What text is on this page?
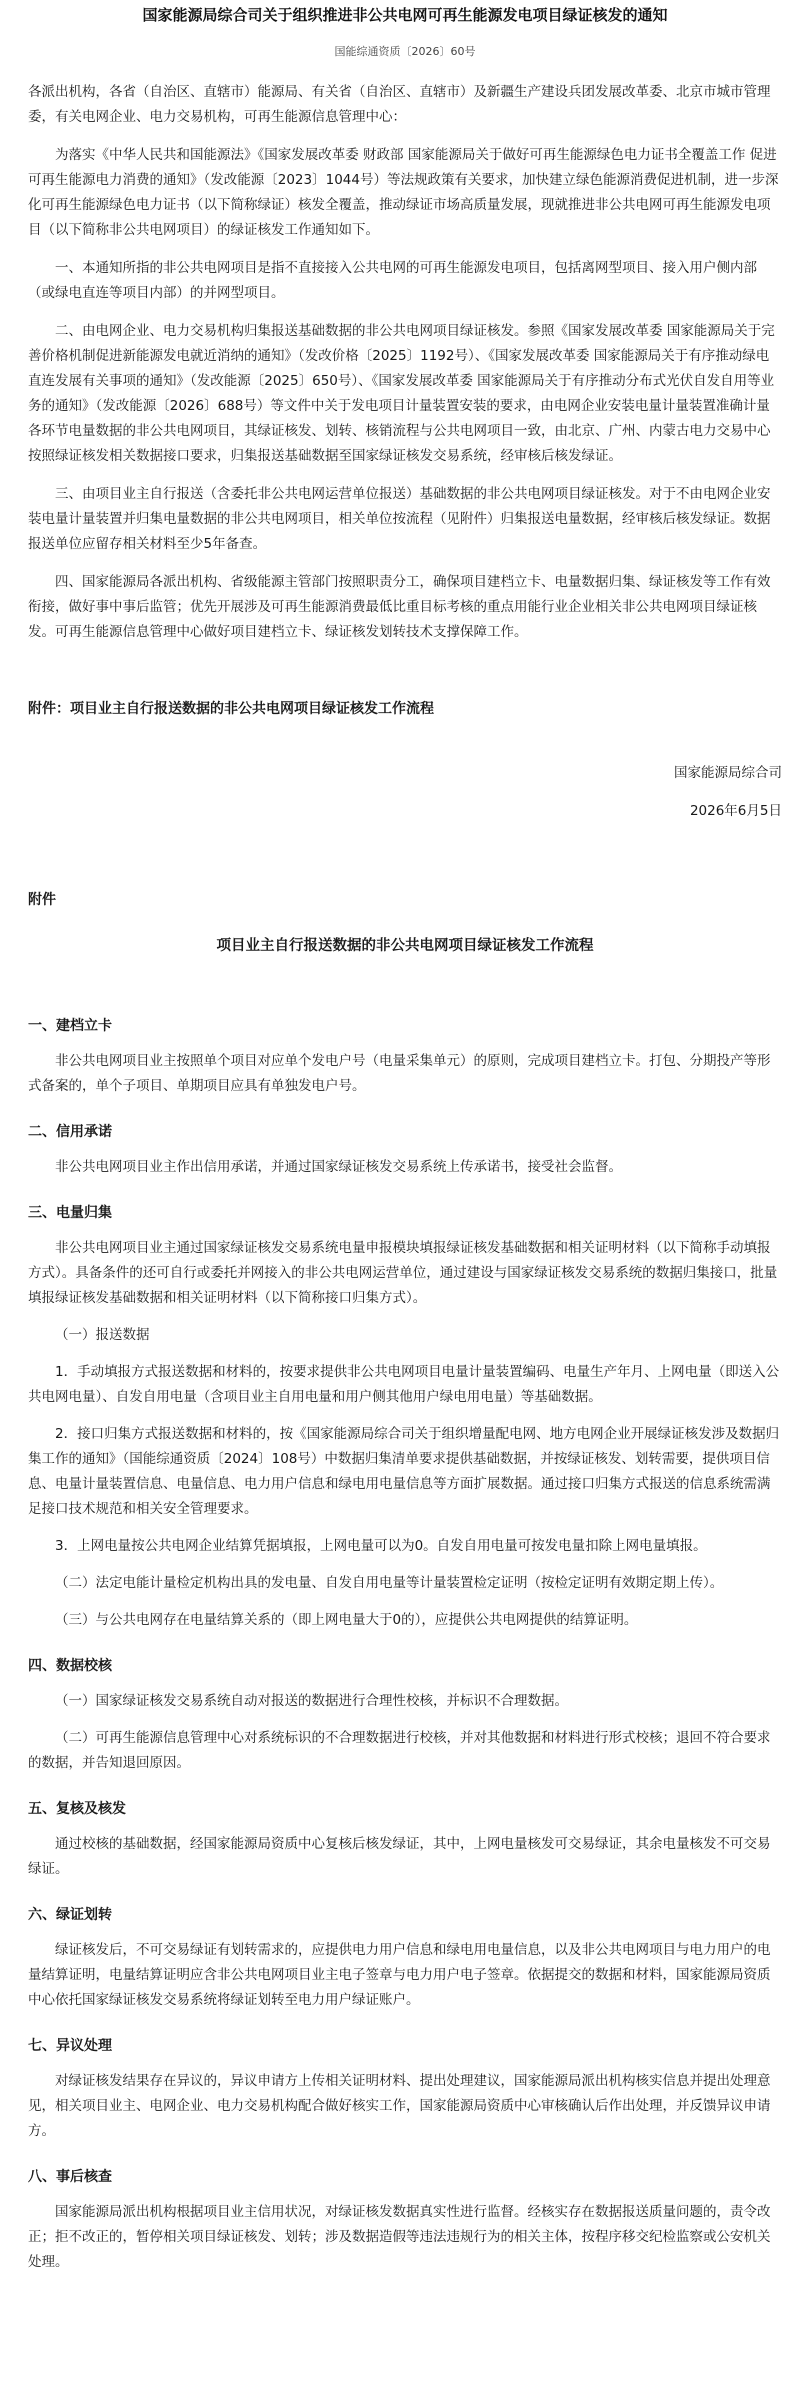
国家能源局综合司关于组织推进非公共电网可再生能源发电项目绿证核发的通知
国能综通资质〔2026〕60号

各派出机构，各省（自治区、直辖市）能源局、有关省（自治区、直辖市）及新疆生产建设兵团发展改革委、北京市城市管理委，有关电网企业、电力交易机构，可再生能源信息管理中心：

为落实《中华人民共和国能源法》《国家发展改革委 财政部 国家能源局关于做好可再生能源绿色电力证书全覆盖工作 促进可再生能源电力消费的通知》（发改能源〔2023〕1044号）等法规政策有关要求，加快建立绿色能源消费促进机制，进一步深化可再生能源绿色电力证书（以下简称绿证）核发全覆盖，推动绿证市场高质量发展，现就推进非公共电网可再生能源发电项目（以下简称非公共电网项目）的绿证核发工作通知如下。

一、本通知所指的非公共电网项目是指不直接接入公共电网的可再生能源发电项目，包括离网型项目、接入用户侧内部（或绿电直连等项目内部）的并网型项目。

二、由电网企业、电力交易机构归集报送基础数据的非公共电网项目绿证核发。参照《国家发展改革委 国家能源局关于完善价格机制促进新能源发电就近消纳的通知》（发改价格〔2025〕1192号）、《国家发展改革委 国家能源局关于有序推动绿电直连发展有关事项的通知》（发改能源〔2025〕650号）、《国家发展改革委 国家能源局关于有序推动分布式光伏自发自用等业务的通知》（发改能源〔2026〕688号）等文件中关于发电项目计量装置安装的要求，由电网企业安装电量计量装置准确计量各环节电量数据的非公共电网项目，其绿证核发、划转、核销流程与公共电网项目一致，由北京、广州、内蒙古电力交易中心按照绿证核发相关数据接口要求，归集报送基础数据至国家绿证核发交易系统，经审核后核发绿证。

三、由项目业主自行报送（含委托非公共电网运营单位报送）基础数据的非公共电网项目绿证核发。对于不由电网企业安装电量计量装置并归集电量数据的非公共电网项目，相关单位按流程（见附件）归集报送电量数据，经审核后核发绿证。数据报送单位应留存相关材料至少5年备查。

四、国家能源局各派出机构、省级能源主管部门按照职责分工，确保项目建档立卡、电量数据归集、绿证核发等工作有效衔接，做好事中事后监管；优先开展涉及可再生能源消费最低比重目标考核的重点用能行业企业相关非公共电网项目绿证核发。可再生能源信息管理中心做好项目建档立卡、绿证核发划转技术支撑保障工作。

附件：项目业主自行报送数据的非公共电网项目绿证核发工作流程

国家能源局综合司
2026年6月5日
附件
项目业主自行报送数据的非公共电网项目绿证核发工作流程
一、建档立卡

非公共电网项目业主按照单个项目对应单个发电户号（电量采集单元）的原则，完成项目建档立卡。打包、分期投产等形式备案的，单个子项目、单期项目应具有单独发电户号。

二、信用承诺

非公共电网项目业主作出信用承诺，并通过国家绿证核发交易系统上传承诺书，接受社会监督。

三、电量归集

非公共电网项目业主通过国家绿证核发交易系统电量申报模块填报绿证核发基础数据和相关证明材料（以下简称手动填报方式）。具备条件的还可自行或委托并网接入的非公共电网运营单位，通过建设与国家绿证核发交易系统的数据归集接口，批量填报绿证核发基础数据和相关证明材料（以下简称接口归集方式）。

（一）报送数据

1．手动填报方式报送数据和材料的，按要求提供非公共电网项目电量计量装置编码、电量生产年月、上网电量（即送入公共电网电量）、自发自用电量（含项目业主自用电量和用户侧其他用户绿电用电量）等基础数据。

2．接口归集方式报送数据和材料的，按《国家能源局综合司关于组织增量配电网、地方电网企业开展绿证核发涉及数据归集工作的通知》（国能综通资质〔2024〕108号）中数据归集清单要求提供基础数据，并按绿证核发、划转需要，提供项目信息、电量计量装置信息、电量信息、电力用户信息和绿电用电量信息等方面扩展数据。通过接口归集方式报送的信息系统需满足接口技术规范和相关安全管理要求。

3．上网电量按公共电网企业结算凭据填报，上网电量可以为0。自发自用电量可按发电量扣除上网电量填报。

（二）法定电能计量检定机构出具的发电量、自发自用电量等计量装置检定证明（按检定证明有效期定期上传）。

（三）与公共电网存在电量结算关系的（即上网电量大于0的），应提供公共电网提供的结算证明。

四、数据校核

（一）国家绿证核发交易系统自动对报送的数据进行合理性校核，并标识不合理数据。

（二）可再生能源信息管理中心对系统标识的不合理数据进行校核，并对其他数据和材料进行形式校核；退回不符合要求的数据，并告知退回原因。

五、复核及核发

通过校核的基础数据，经国家能源局资质中心复核后核发绿证，其中，上网电量核发可交易绿证，其余电量核发不可交易绿证。

六、绿证划转

绿证核发后，不可交易绿证有划转需求的，应提供电力用户信息和绿电用电量信息，以及非公共电网项目与电力用户的电量结算证明，电量结算证明应含非公共电网项目业主电子签章与电力用户电子签章。依据提交的数据和材料，国家能源局资质中心依托国家绿证核发交易系统将绿证划转至电力用户绿证账户。

七、异议处理

对绿证核发结果存在异议的，异议申请方上传相关证明材料、提出处理建议，国家能源局派出机构核实信息并提出处理意见，相关项目业主、电网企业、电力交易机构配合做好核实工作，国家能源局资质中心审核确认后作出处理，并反馈异议申请方。

八、事后核查

国家能源局派出机构根据项目业主信用状况，对绿证核发数据真实性进行监督。经核实存在数据报送质量问题的，责令改正；拒不改正的，暂停相关项目绿证核发、划转；涉及数据造假等违法违规行为的相关主体，按程序移交纪检监察或公安机关处理。
